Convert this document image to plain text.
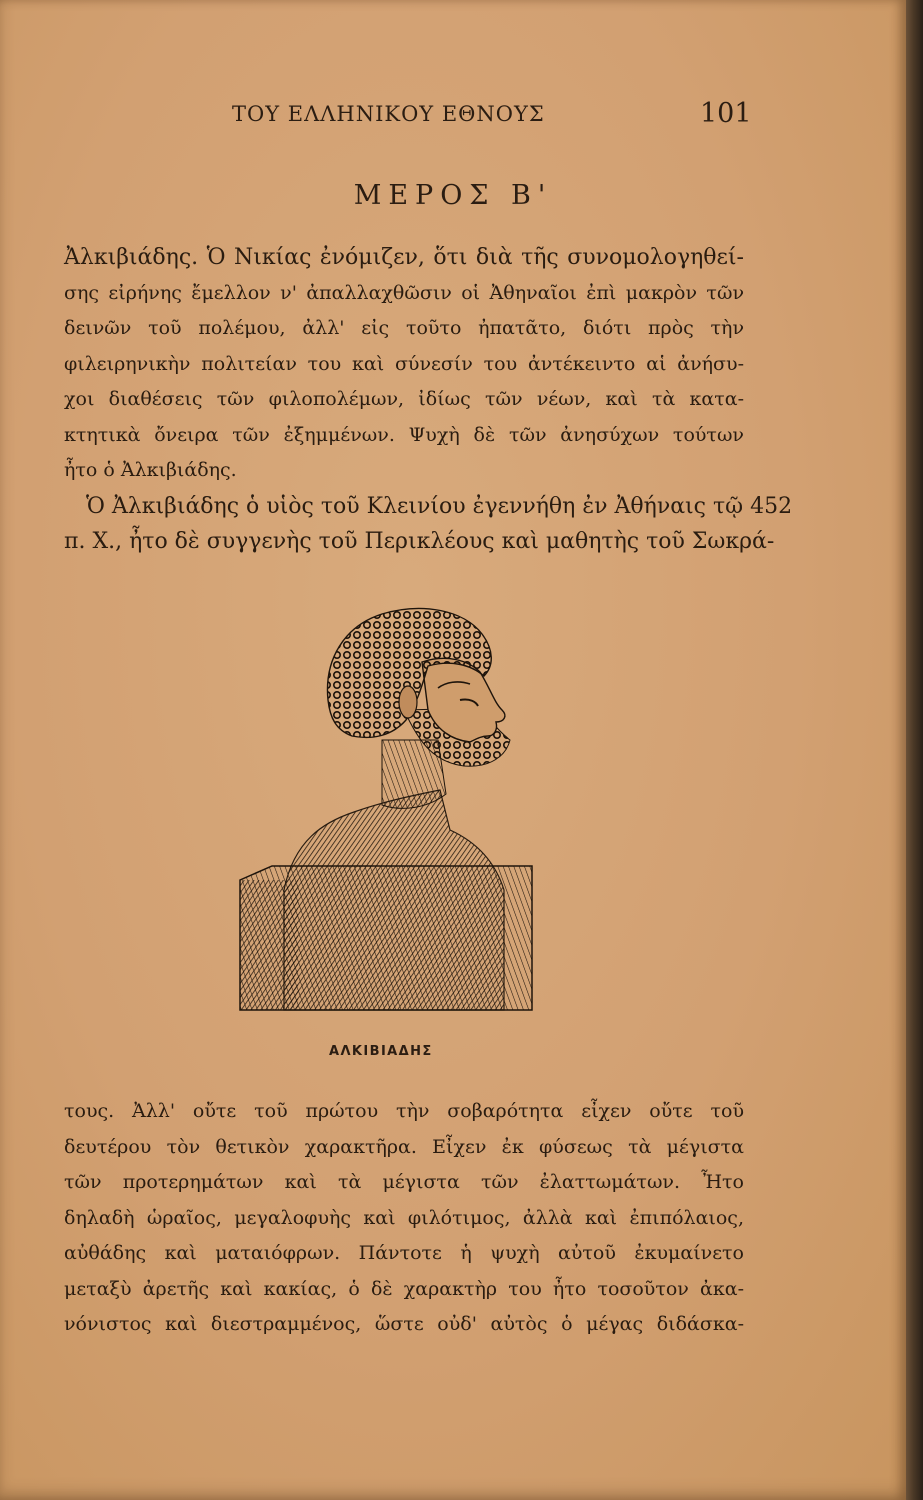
ΤΟΥ ΕΛΛΗΝΙΚΟΥ ΕΘΝΟΥΣ	101
ΜΕΡΟΣ Β'
Ἀλκιβιάδης. Ὁ Νικίας ἐνόμιζεν, ὅτι διὰ τῆς συνομολογηθεί-
σης εἰρήνης ἔμελλον ν' ἀπαλλαχθῶσιν οἱ Ἀθηναῖοι ἐπὶ μακρὸν τῶν
δεινῶν τοῦ πολέμου, ἀλλ' εἰς τοῦτο ἠπατᾶτο, διότι πρὸς τὴν
φιλειρηνικὴν πολιτείαν του καὶ σύνεσίν του ἀντέκειντο αἱ ἀνήσυ-
χοι διαθέσεις τῶν φιλοπολέμων, ἰδίως τῶν νέων, καὶ τὰ κατα-
κτητικὰ ὄνειρα τῶν ἐξημμένων. Ψυχὴ δὲ τῶν ἀνησύχων τούτων
ἦτο ὁ Ἀλκιβιάδης.
Ὁ Ἀλκιβιάδης ὁ υἱὸς τοῦ Κλεινίου ἐγεννήθη ἐν Ἀθήναις τῷ 452
π. Χ., ἦτο δὲ συγγενὴς τοῦ Περικλέους καὶ μαθητὴς τοῦ Σωκρά-
ΑΛΚΙΒΙΑΔΗΣ
τους. Ἀλλ' οὔτε τοῦ πρώτου τὴν σοβαρότητα εἶχεν οὔτε τοῦ
δευτέρου τὸν θετικὸν χαρακτῆρα. Εἶχεν ἐκ φύσεως τὰ μέγιστα
τῶν προτερημάτων καὶ τὰ μέγιστα τῶν ἐλαττωμάτων. Ἦτο
δηλαδὴ ὡραῖος, μεγαλοφυὴς καὶ φιλότιμος, ἀλλὰ καὶ ἐπιπόλαιος,
αὐθάδης καὶ ματαιόφρων. Πάντοτε ἡ ψυχὴ αὐτοῦ ἐκυμαίνετο
μεταξὺ ἀρετῆς καὶ κακίας, ὁ δὲ χαρακτὴρ του ἦτο τοσοῦτον ἀκα-
νόνιστος καὶ διεστραμμένος, ὥστε οὐδ' αὐτὸς ὁ μέγας διδάσκα-
